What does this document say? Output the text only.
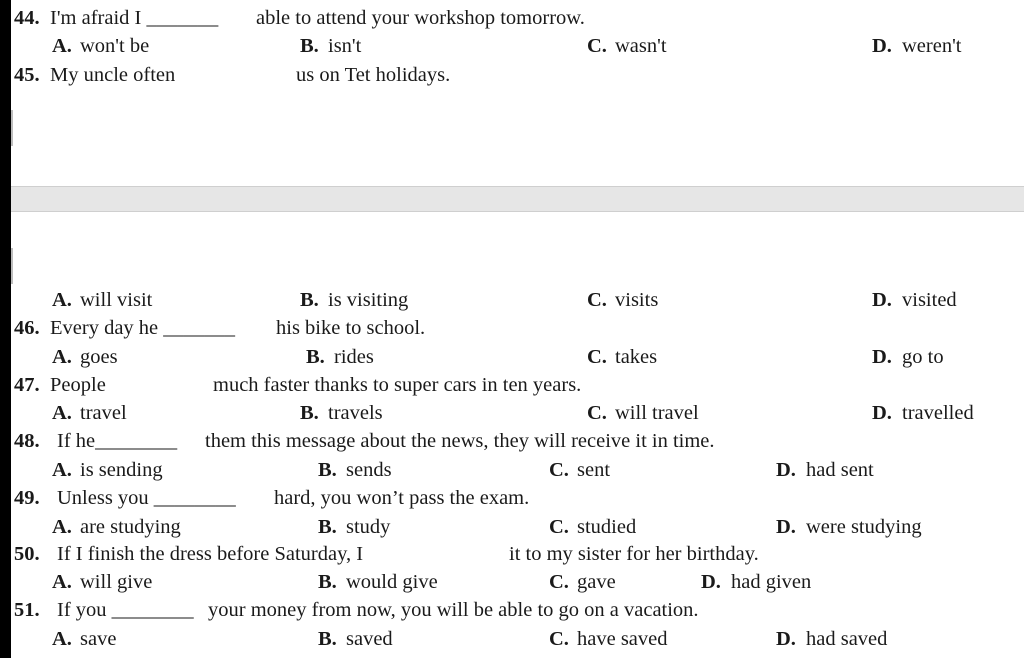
44. I'm afraid I _______ able to attend your workshop tomorrow.
A. won't be	B. isn't	C. wasn't	D. weren't
45. My uncle often	us on Tet holidays.
A. will visit	B. is visiting	C. visits	D. visited
46. Every day he _______ his bike to school.
A. goes	B. rides	C. takes	D. go to
47. People	much faster thanks to super cars in ten years.
A. travel	B. travels	C. will travel	D. travelled
48. If he________ them this message about the news, they will receive it in time.
A. is sending	B. sends	C. sent	D. had sent
49. Unless you ________ hard, you won’t pass the exam.
A. are studying	B. study	C. studied	D. were studying
50. If I finish the dress before Saturday, I	it to my sister for her birthday.
A. will give	B. would give	C. gave	D. had given
51. If you ________ your money from now, you will be able to go on a vacation.
A. save	B. saved	C. have saved	D. had saved
